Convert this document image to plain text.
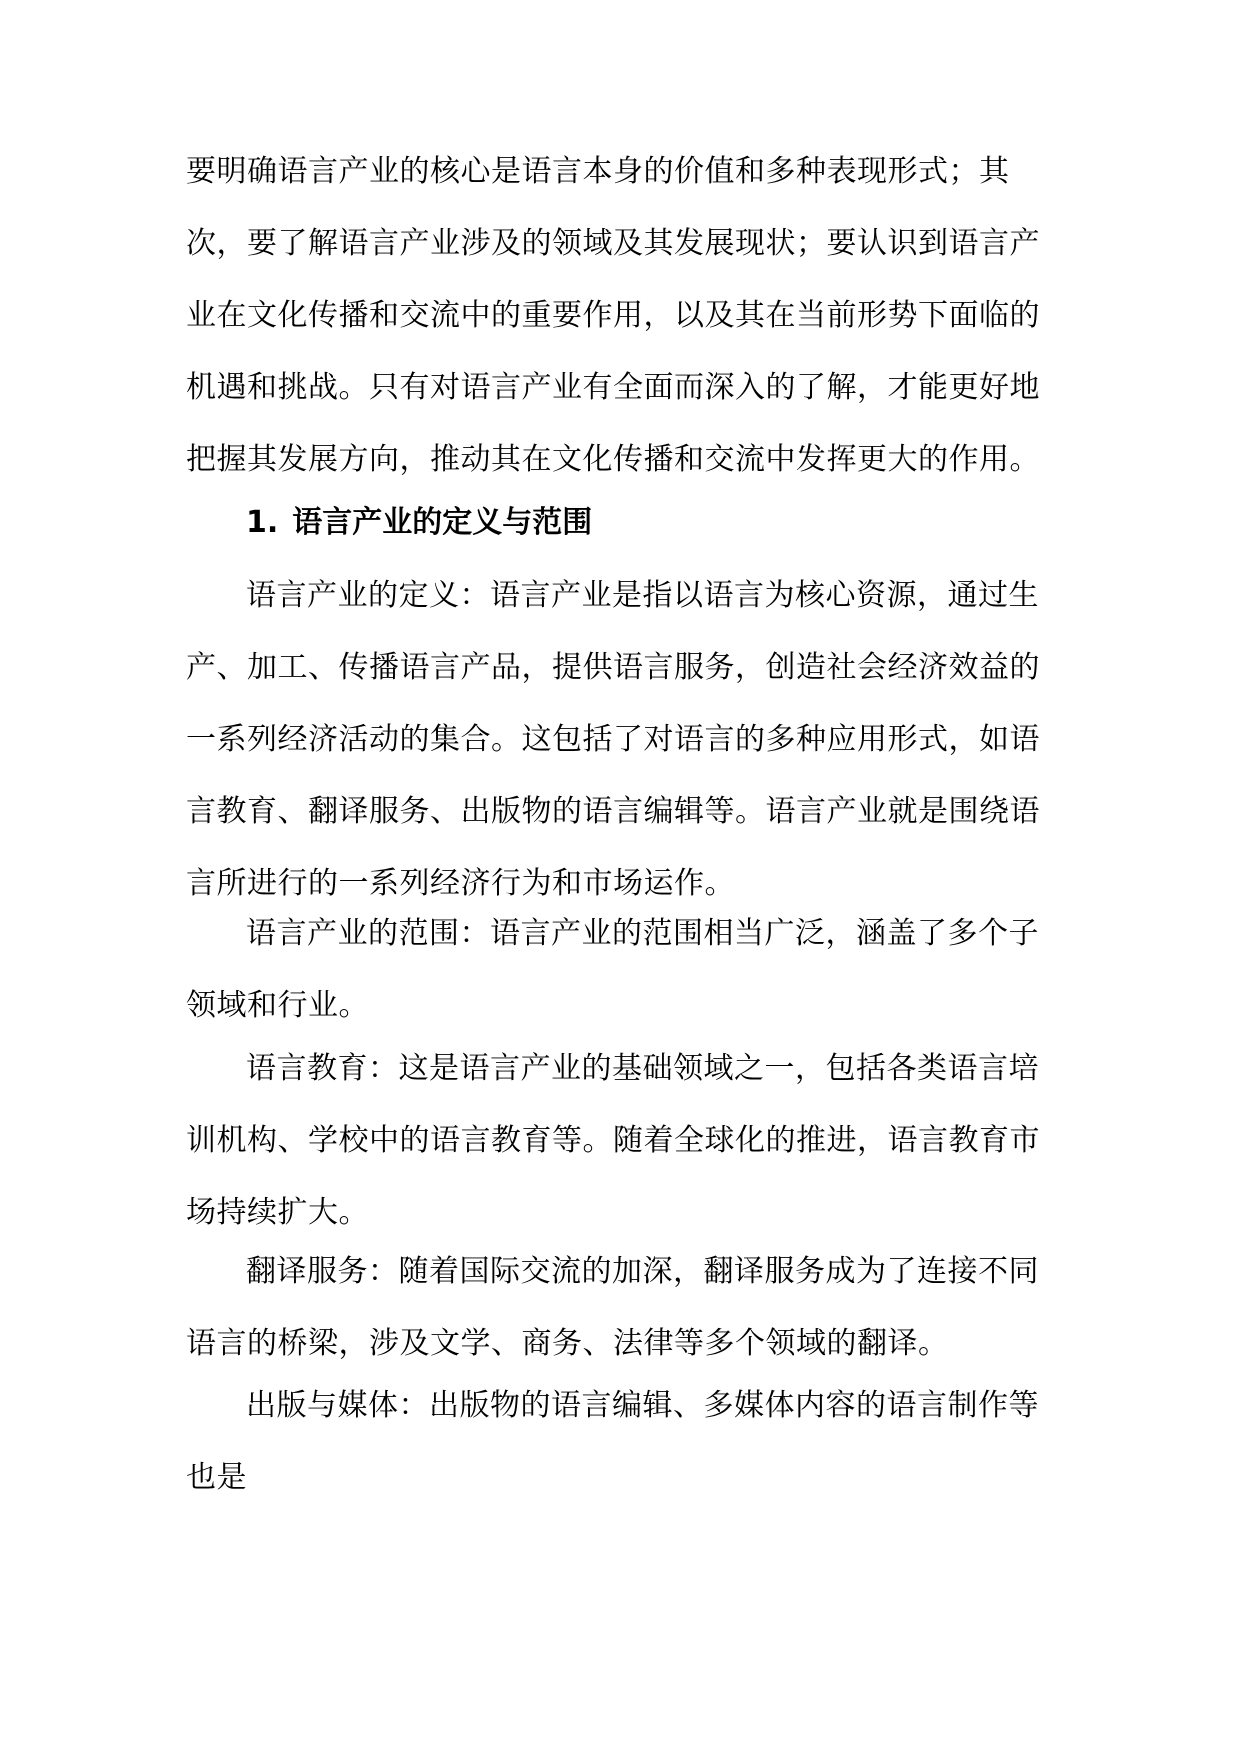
要明确语言产业的核心是语言本身的价值和多种表现形式；其次，要了解语言产业涉及的领域及其发展现状；要认识到语言产业在文化传播和交流中的重要作用，以及其在当前形势下面临的机遇和挑战。只有对语言产业有全面而深入的了解，才能更好地把握其发展方向，推动其在文化传播和交流中发挥更大的作用。

1. 语言产业的定义与范围

语言产业的定义：语言产业是指以语言为核心资源，通过生产、加工、传播语言产品，提供语言服务，创造社会经济效益的一系列经济活动的集合。这包括了对语言的多种应用形式，如语言教育、翻译服务、出版物的语言编辑等。语言产业就是围绕语言所进行的一系列经济行为和市场运作。

语言产业的范围：语言产业的范围相当广泛，涵盖了多个子领域和行业。

语言教育：这是语言产业的基础领域之一，包括各类语言培训机构、学校中的语言教育等。随着全球化的推进，语言教育市场持续扩大。

翻译服务：随着国际交流的加深，翻译服务成为了连接不同语言的桥梁，涉及文学、商务、法律等多个领域的翻译。

出版与媒体：出版物的语言编辑、多媒体内容的语言制作等也是
